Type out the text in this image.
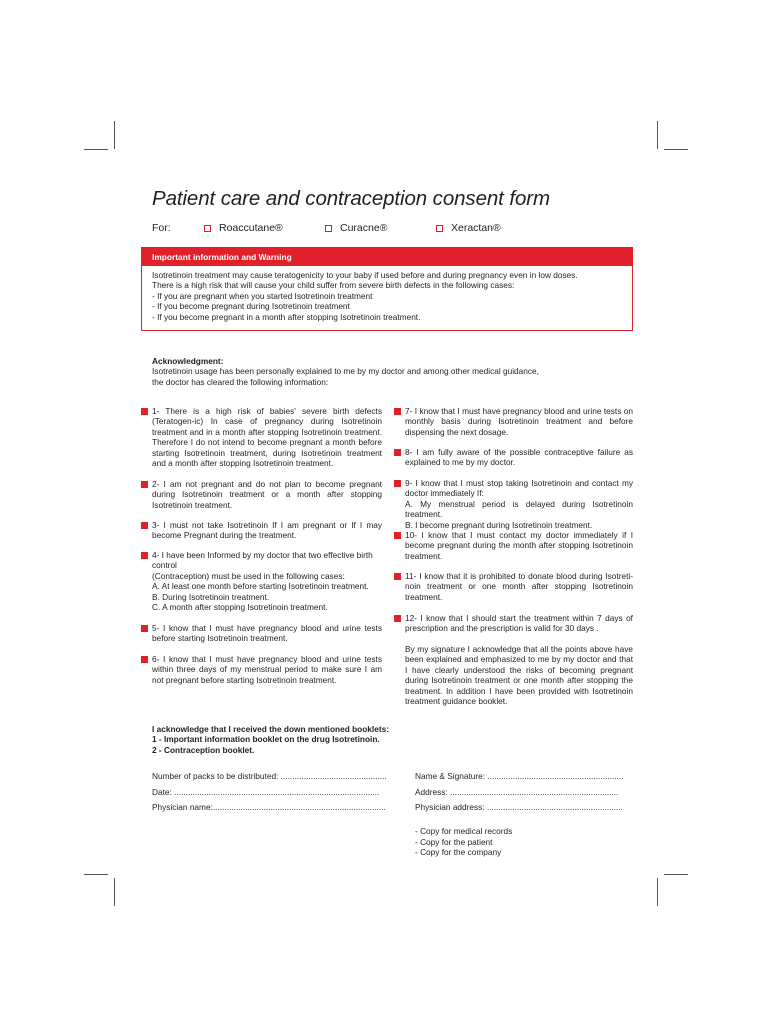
Patient care and contraception consent form
For:	Roaccutane®	Curacne®	Xeractan®
Important information and Warning
Isotretinoin treatment may cause teratogenicity to your baby if used before and during pregnancy even in low doses.
There is a high risk that will cause your child suffer from severe birth defects in the following cases:
- If you are pregnant when you started Isotretinoin treatment
- If you become pregnant during Isotretinoin treatment
- If you become pregnant in a month after stopping Isotretinoin treatment.
Acknowledgment:
Isotretinoin usage has been personally explained to me by my doctor and among other medical guidance,
the doctor has cleared the following information:
1- There is a high risk of babies' severe birth defects (Teratogen-ic) In case of pregnancy during Isotretinoin treatment and in a month after stopping Isotretinoin treatment. Therefore I do not intend to become pregnant a month before starting Isotretinoin treatment, during Isotretinoin treatment and a month after stopping Isotretinoin treatment.
2- I am not pregnant and do not plan to become pregnant during Isotretinoin treatment or a month after stopping Isotretinoin treatment.
3- I must not take Isotretinoin If I am pregnant or If I may become Pregnant during the treatment.
4- I have been Informed by my doctor that two effective birth control
(Contraception) must be used in the following cases:
A. At least one month before starting Isotretinoin treatment.
B. During Isotretinoin treatment.
C. A month after stopping Isotretinoin treatment.
5- I know that I must have pregnancy blood and urine tests before starting Isotretinoin treatment.
6- I know that I must have pregnancy blood and urine tests within three days of my menstrual period to make sure I am not pregnant before starting Isotretinoin treatment.
7- I know that I must have pregnancy blood and urine tests on monthly basis during Isotretinoin treatment and before dispensing the next dosage.
8- I am fully aware of the possible contraceptive failure as explained to me by my doctor.
9- I know that I must stop taking Isotretinoin and contact my doctor immediately If:
A. My menstrual period is delayed during Isotretinoin treatment.
B. I become pregnant during Isotretinoin treatment.
10- I know that I must contact my doctor immediately if I become pregnant during the month after stopping Isotretinoin treatment.
11- I know that it is prohibited to donate blood during Isotreti-noin treatment or one month after stopping Isotretinoin treatment.
12- I know that I should start the treatment within 7 days of prescription and the prescription is valid for 30 days .
By my signature I acknowledge that all the points above have been explained and emphasized to me by my doctor and that I have clearly understood the risks of becoming pregnant during Isotretinoin treatment or one month after stopping the treatment. In addition I have been provided with Isotretinoin treatment guidance booklet.
I acknowledge that I received the down mentioned booklets:
1 - Important information booklet on the drug Isotretinoin.
2 - Contraception booklet.
Number of packs to be distributed: ..............................................	Name & Signature: ...........................................................
Date: .........................................................................................	Address: .........................................................................
Physician name:...........................................................................	Physician address: ...........................................................
- Copy for medical records
- Copy for the patient
- Copy for the company
